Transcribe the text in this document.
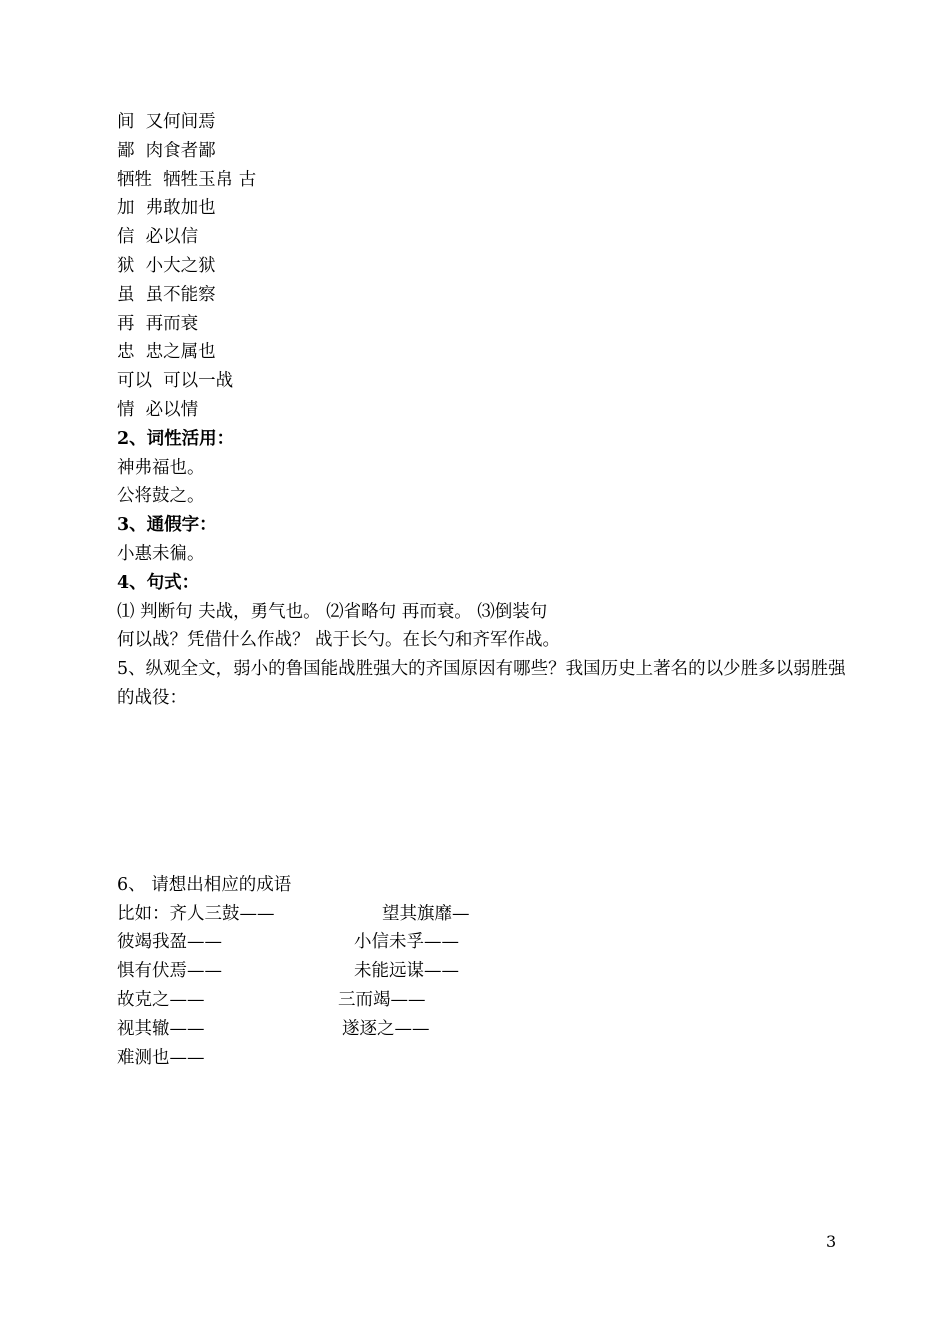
间 又何间焉
鄙 肉食者鄙
牺牲 牺牲玉帛 古
加 弗敢加也
信 必以信
狱 小大之狱
虽 虽不能察
再 再而衰
忠 忠之属也
可以 可以一战
情  必以情
2、词性活用：
神弗福也。
公将鼓之。
3、通假字：
小惠未徧。
4、句式：
⑴ 判断句 夫战，勇气也。 ⑵省略句 再而衰。 ⑶倒装句
何以战？凭借什么作战？ 战于长勺。在长勺和齐军作战。
5、纵观全文，弱小的鲁国能战胜强大的齐国原因有哪些？我国历史上著名的以少胜多以弱胜强的战役：
6、 请想出相应的成语
比如：齐人三鼓——	望其旗靡—
彼竭我盈——	小信未孚——
惧有伏焉——	未能远谋——
故克之——	三而竭——
视其辙——	遂逐之——
难测也——
3
